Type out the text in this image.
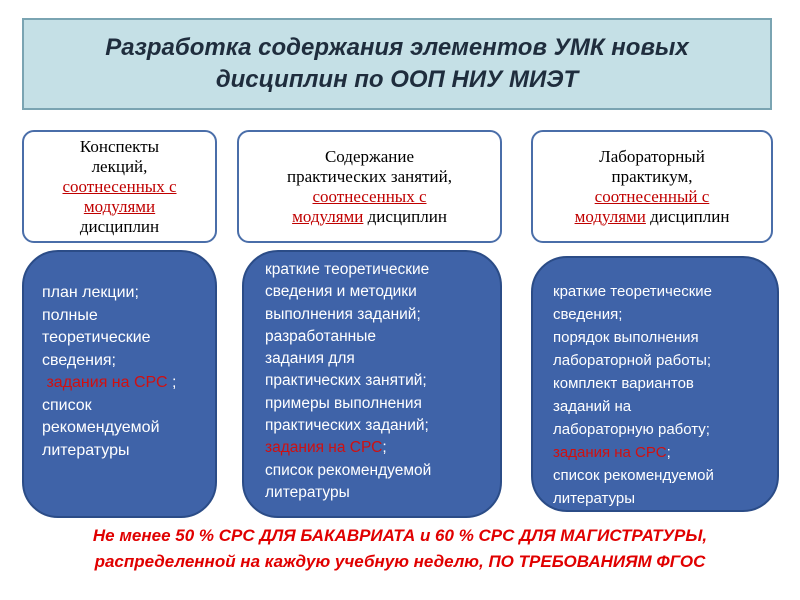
Разработка содержания элементов УМК новых
дисциплин по ООП НИУ МИЭТ
Конспекты
лекций,
соотнесенных с
модулями
дисциплин
Содержание
практических занятий,
соотнесенных с
модулями дисциплин
Лабораторный
практикум,
соотнесенный с
модулями дисциплин
план лекции;
полные
теоретические
сведения;
задания на СРС ;
список
рекомендуемой
литературы
краткие теоретические
сведения и методики
выполнения заданий;
разработанные
задания для
практических занятий;
примеры выполнения
практических заданий;
задания на СРС;
список рекомендуемой
литературы
краткие теоретические
сведения;
порядок выполнения
лабораторной работы;
комплект вариантов
заданий на
лабораторную работу;
задания на СРС;
список рекомендуемой
литературы
Не менее 50 % СРС ДЛЯ БАКАВРИАТА и 60 % СРС ДЛЯ МАГИСТРАТУРЫ,
распределенной на каждую учебную неделю, ПО ТРЕБОВАНИЯМ ФГОС
